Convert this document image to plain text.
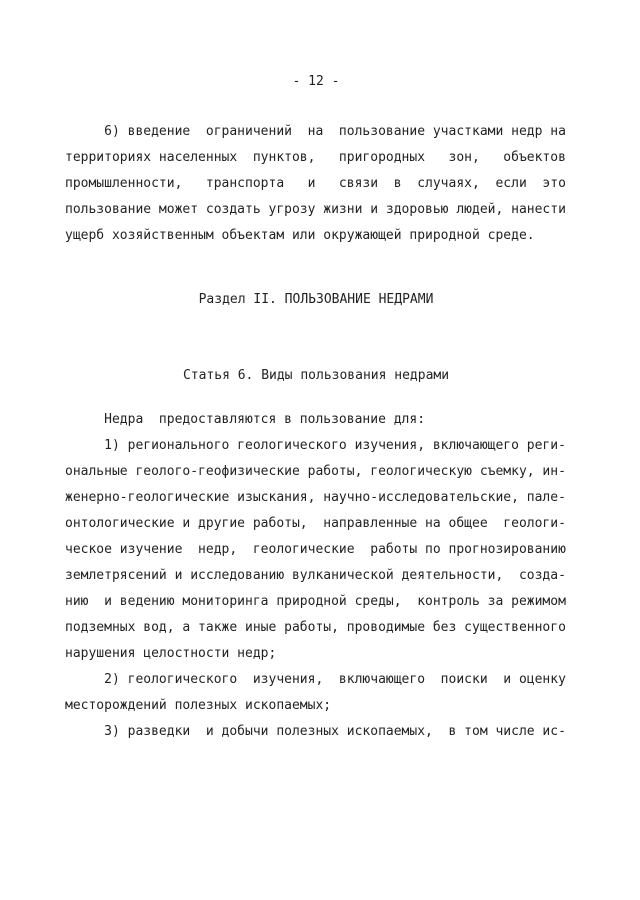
- 12 -
6) введение  ограничений  на  пользование участками недр на
территориях населенных  пунктов,   пригородных   зон,   объектов
промышленности,   транспорта   и   связи  в  случаях,  если  это
пользование может создать угрозу жизни и здоровью людей, нанести
ущерб хозяйственным объектам или окружающей природной среде.
Раздел II. ПОЛЬЗОВАНИЕ НЕДРАМИ
Статья 6. Виды пользования недрами
Недра  предоставляются в пользование для:
1) регионального геологического изучения, включающего реги-
ональные геолого-геофизические работы, геологическую съемку, ин-
женерно-геологические изыскания, научно-исследовательские, пале-
онтологические и другие работы,  направленные на общее  геологи-
ческое изучение  недр,  геологические  работы по прогнозированию
землетрясений и исследованию вулканической деятельности,  созда-
нию  и ведению мониторинга природной среды,  контроль за режимом
подземных вод, а также иные работы, проводимые без существенного
нарушения целостности недр;
2) геологического  изучения,  включающего  поиски  и оценку
месторождений полезных ископаемых;
3) разведки  и добычи полезных ископаемых,  в том числе ис-
